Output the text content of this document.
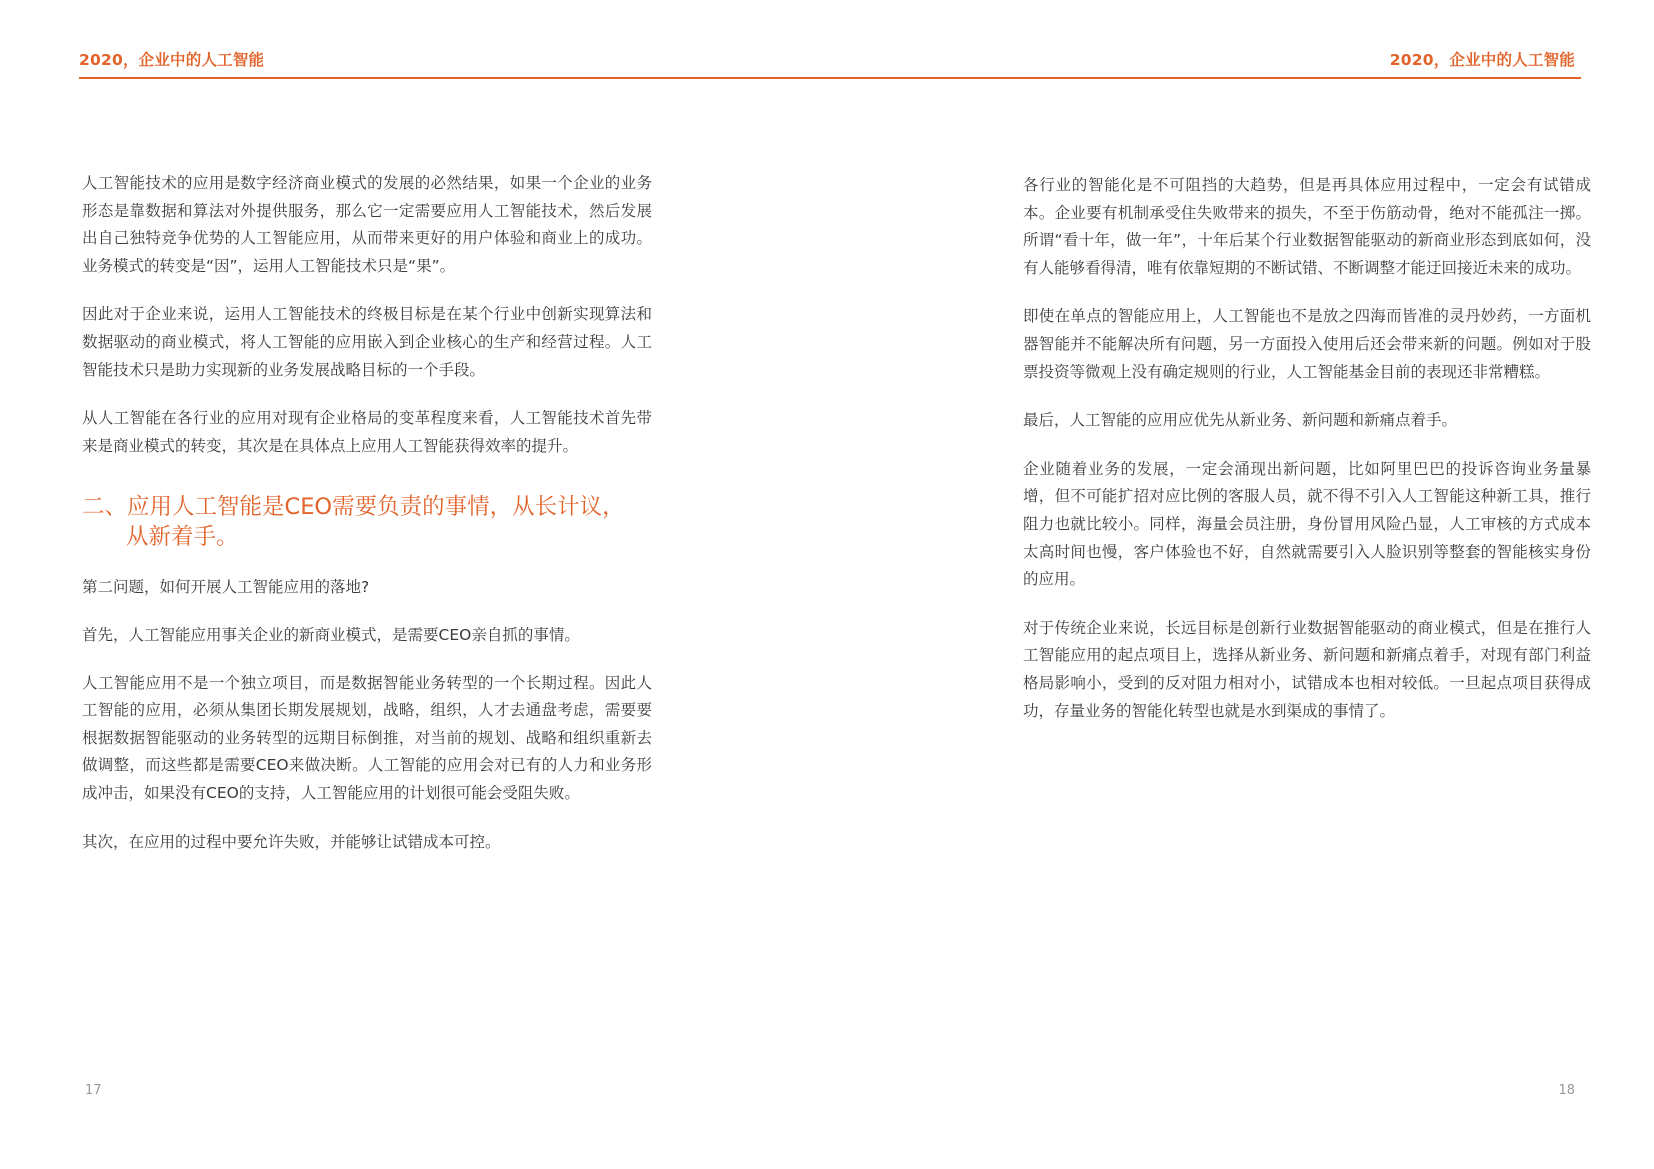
2020，企业中的人工智能	2020，企业中的人工智能

人工智能技术的应用是数字经济商业模式的发展的必然结果，如果一个企业的业务形态是靠数据和算法对外提供服务，那么它一定需要应用人工智能技术，然后发展出自己独特竞争优势的人工智能应用，从而带来更好的用户体验和商业上的成功。业务模式的转变是“因”，运用人工智能技术只是“果”。

因此对于企业来说，运用人工智能技术的终极目标是在某个行业中创新实现算法和数据驱动的商业模式，将人工智能的应用嵌入到企业核心的生产和经营过程。人工智能技术只是助力实现新的业务发展战略目标的一个手段。

从人工智能在各行业的应用对现有企业格局的变革程度来看，人工智能技术首先带来是商业模式的转变，其次是在具体点上应用人工智能获得效率的提升。

二、应用人工智能是CEO需要负责的事情，从长计议，
从新着手。

第二问题，如何开展人工智能应用的落地?

首先，人工智能应用事关企业的新商业模式，是需要CEO亲自抓的事情。

人工智能应用不是一个独立项目，而是数据智能业务转型的一个长期过程。因此人工智能的应用，必须从集团长期发展规划，战略，组织，人才去通盘考虑，需要要根据数据智能驱动的业务转型的远期目标倒推，对当前的规划、战略和组织重新去做调整，而这些都是需要CEO来做决断。人工智能的应用会对已有的人力和业务形成冲击，如果没有CEO的支持，人工智能应用的计划很可能会受阻失败。

其次，在应用的过程中要允许失败，并能够让试错成本可控。

各行业的智能化是不可阻挡的大趋势，但是再具体应用过程中，一定会有试错成本。企业要有机制承受住失败带来的损失，不至于伤筋动骨，绝对不能孤注一掷。所谓“看十年，做一年”，十年后某个行业数据智能驱动的新商业形态到底如何，没有人能够看得清，唯有依靠短期的不断试错、不断调整才能迂回接近未来的成功。

即使在单点的智能应用上，人工智能也不是放之四海而皆准的灵丹妙药，一方面机器智能并不能解决所有问题，另一方面投入使用后还会带来新的问题。例如对于股票投资等微观上没有确定规则的行业，人工智能基金目前的表现还非常糟糕。

最后，人工智能的应用应优先从新业务、新问题和新痛点着手。

企业随着业务的发展，一定会涌现出新问题，比如阿里巴巴的投诉咨询业务量暴增，但不可能扩招对应比例的客服人员，就不得不引入人工智能这种新工具，推行阻力也就比较小。同样，海量会员注册，身份冒用风险凸显，人工审核的方式成本太高时间也慢，客户体验也不好，自然就需要引入人脸识别等整套的智能核实身份的应用。

对于传统企业来说，长远目标是创新行业数据智能驱动的商业模式，但是在推行人工智能应用的起点项目上，选择从新业务、新问题和新痛点着手，对现有部门利益格局影响小，受到的反对阻力相对小，试错成本也相对较低。一旦起点项目获得成功，存量业务的智能化转型也就是水到渠成的事情了。

17	18
